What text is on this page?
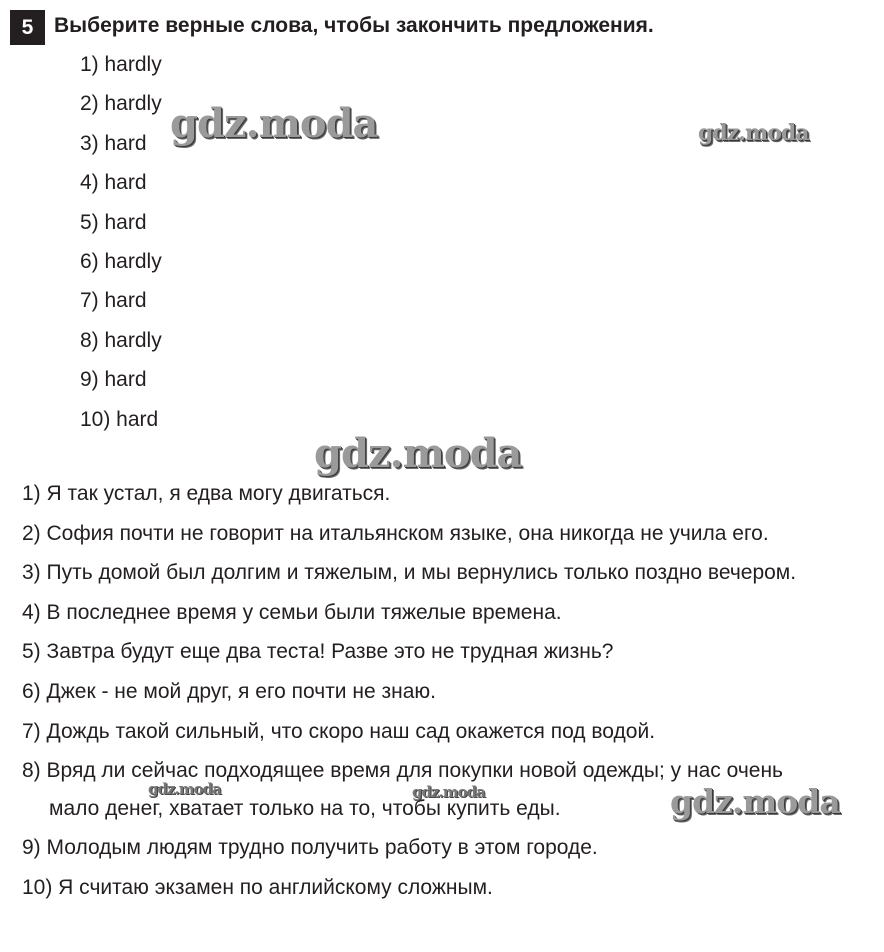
5 Выберите верные слова, чтобы закончить предложения.
1) hardly
2) hardly
3) hard
4) hard
5) hard
6) hardly
7) hard
8) hardly
9) hard
10) hard
1) Я так устал, я едва могу двигаться.
2) София почти не говорит на итальянском языке, она никогда не учила его.
3) Путь домой был долгим и тяжелым, и мы вернулись только поздно вечером.
4) В последнее время у семьи были тяжелые времена.
5) Завтра будут еще два теста! Разве это не трудная жизнь?
6) Джек - не мой друг, я его почти не знаю.
7) Дождь такой сильный, что скоро наш сад окажется под водой.
8) Вряд ли сейчас подходящее время для покупки новой одежды; у нас очень
мало денег, хватает только на то, чтобы купить еды.
9) Молодым людям трудно получить работу в этом городе.
10) Я считаю экзамен по английскому сложным.
gdz.moda	gdz.moda
gdz.moda
gdz.moda	gdz.moda	gdz.moda
